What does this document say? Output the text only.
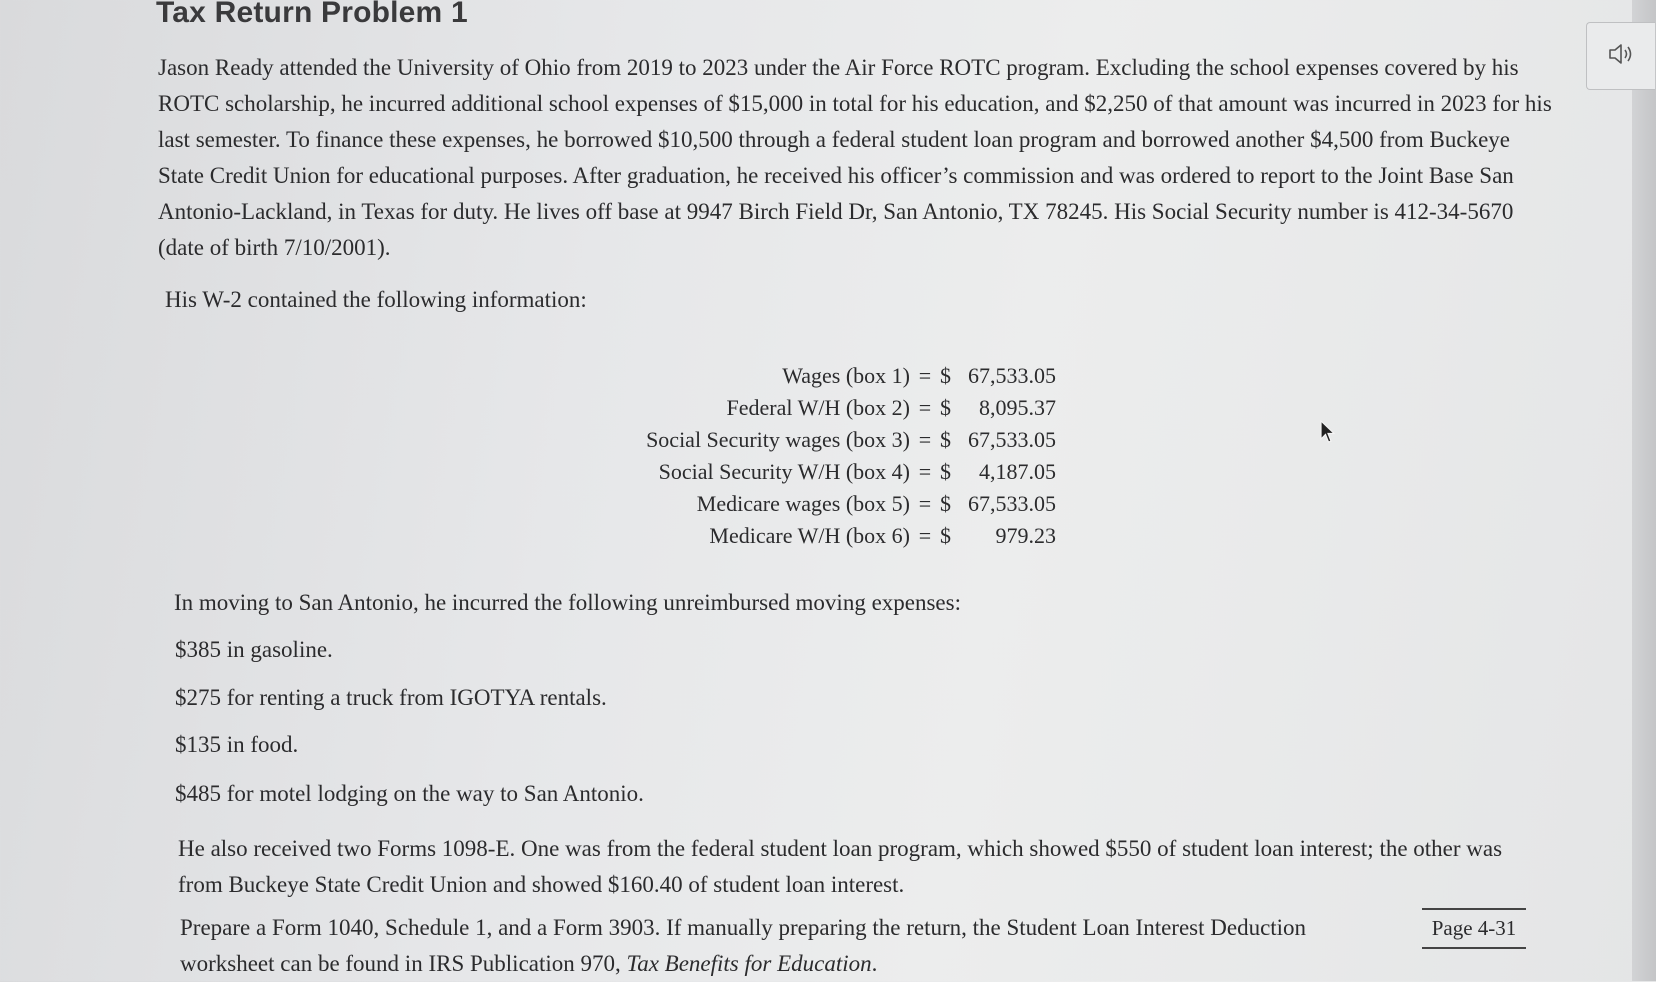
Tax Return Problem 1
Jason Ready attended the University of Ohio from 2019 to 2023 under the Air Force ROTC program. Excluding the school expenses covered by his ROTC scholarship, he incurred additional school expenses of $15,000 in total for his education, and $2,250 of that amount was incurred in 2023 for his last semester. To finance these expenses, he borrowed $10,500 through a federal student loan program and borrowed another $4,500 from Buckeye State Credit Union for educational purposes. After graduation, he received his officer’s commission and was ordered to report to the Joint Base San Antonio-Lackland, in Texas for duty. He lives off base at 9947 Birch Field Dr, San Antonio, TX 78245. His Social Security number is 412-34-5670 (date of birth 7/10/2001).
His W-2 contained the following information:
Wages (box 1)	=	$	67,533.05
Federal W/H (box 2)	=	$	8,095.37
Social Security wages (box 3)	=	$	67,533.05
Social Security W/H (box 4)	=	$	4,187.05
Medicare wages (box 5)	=	$	67,533.05
Medicare W/H (box 6)	=	$	979.23
In moving to San Antonio, he incurred the following unreimbursed moving expenses:
$385 in gasoline.
$275 for renting a truck from IGOTYA rentals.
$135 in food.
$485 for motel lodging on the way to San Antonio.
He also received two Forms 1098-E. One was from the federal student loan program, which showed $550 of student loan interest; the other was from Buckeye State Credit Union and showed $160.40 of student loan interest.
Prepare a Form 1040, Schedule 1, and a Form 3903. If manually preparing the return, the Student Loan Interest Deduction worksheet can be found in IRS Publication 970, Tax Benefits for Education.
Page 4-31
